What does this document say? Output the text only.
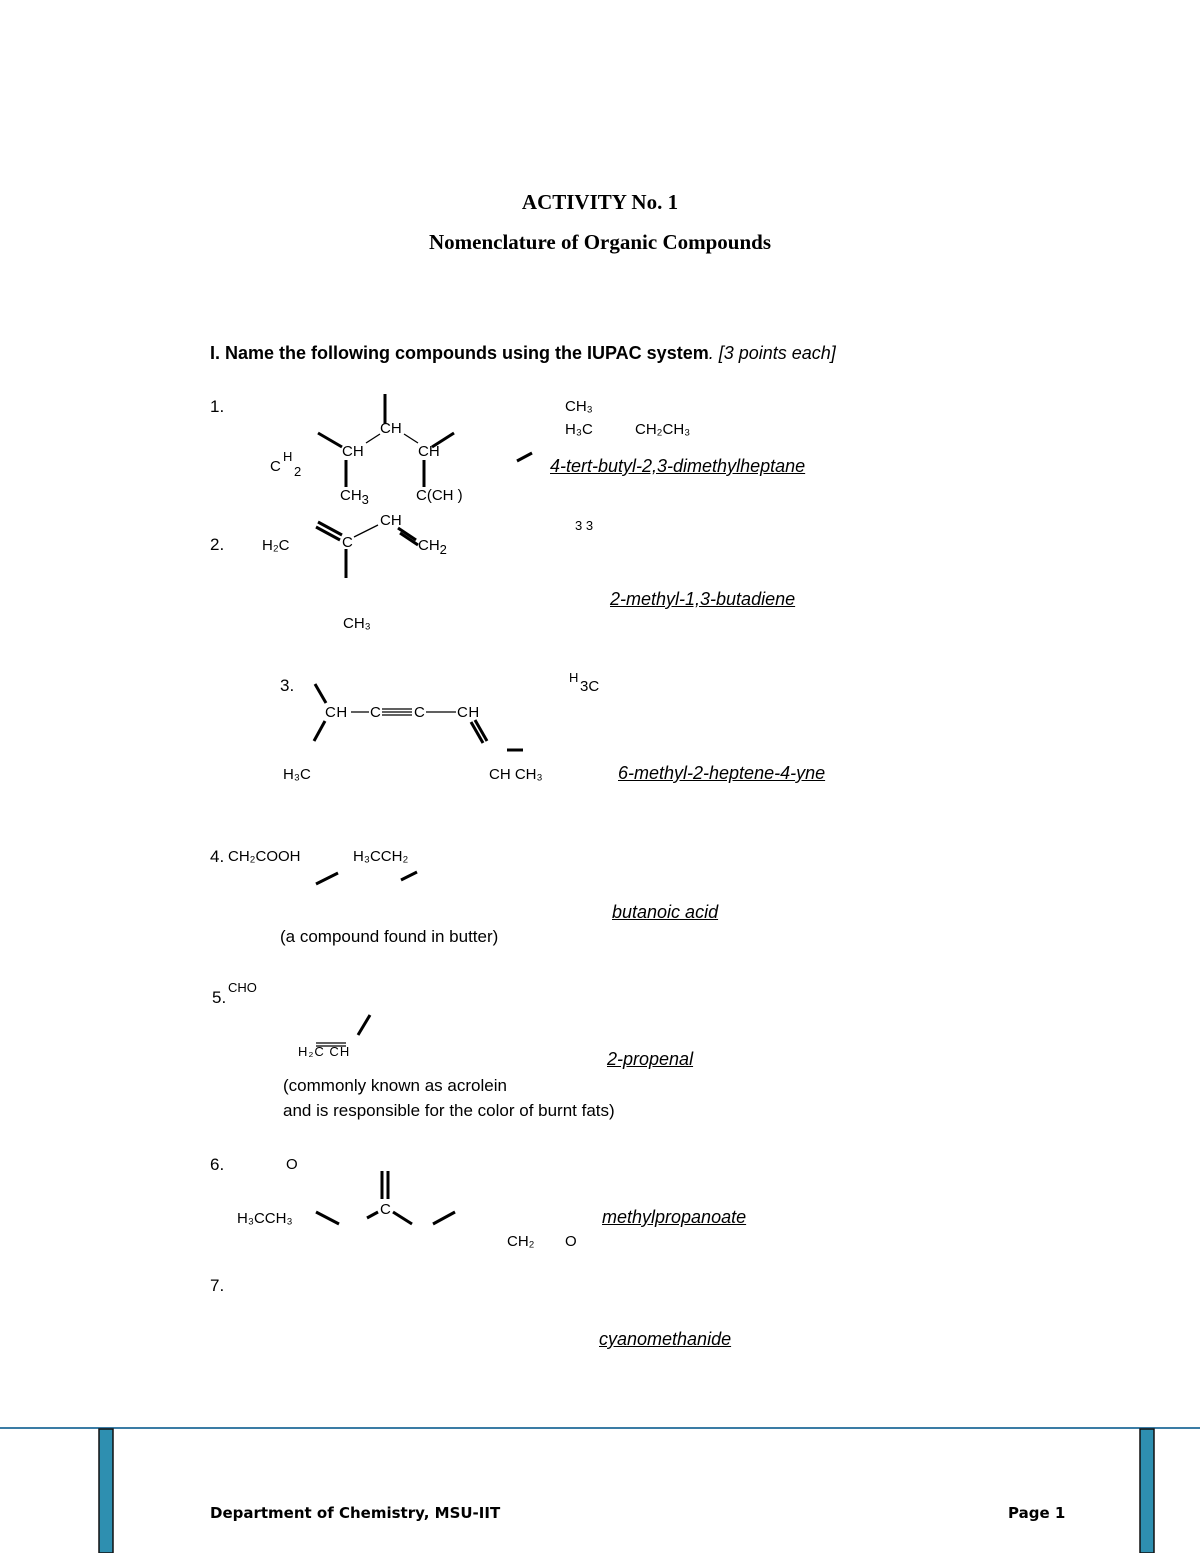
ACTIVITY No. 1
Nomenclature of Organic Compounds
I. Name the following compounds using the IUPAC system. [3 points each]
1.
CH
CH	CH
C
H
2
CH3	C(CH )
CH₃
H₃C	CH₂CH₃
3 3
4-tert-butyl-2,3-dimethylheptane
2.	H₂C	C
CH
CH2
CH₃
2-methyl-1,3-butadiene
3.
CH C C CH
H
3C
H₃C	CH CH₃	6-methyl-2-heptene-4-yne
4. CH₂COOH	H₃CCH₂
butanoic acid
(a compound found in butter)
5.
CHO
H₂C CH	2-propenal
(commonly known as acrolein
and is responsible for the color of burnt fats)
6.	O
H₃CCH₃
C
CH₂ O
methylpropanoate
7.
cyanomethanide
Department of Chemistry, MSU-IIT	Page 1
